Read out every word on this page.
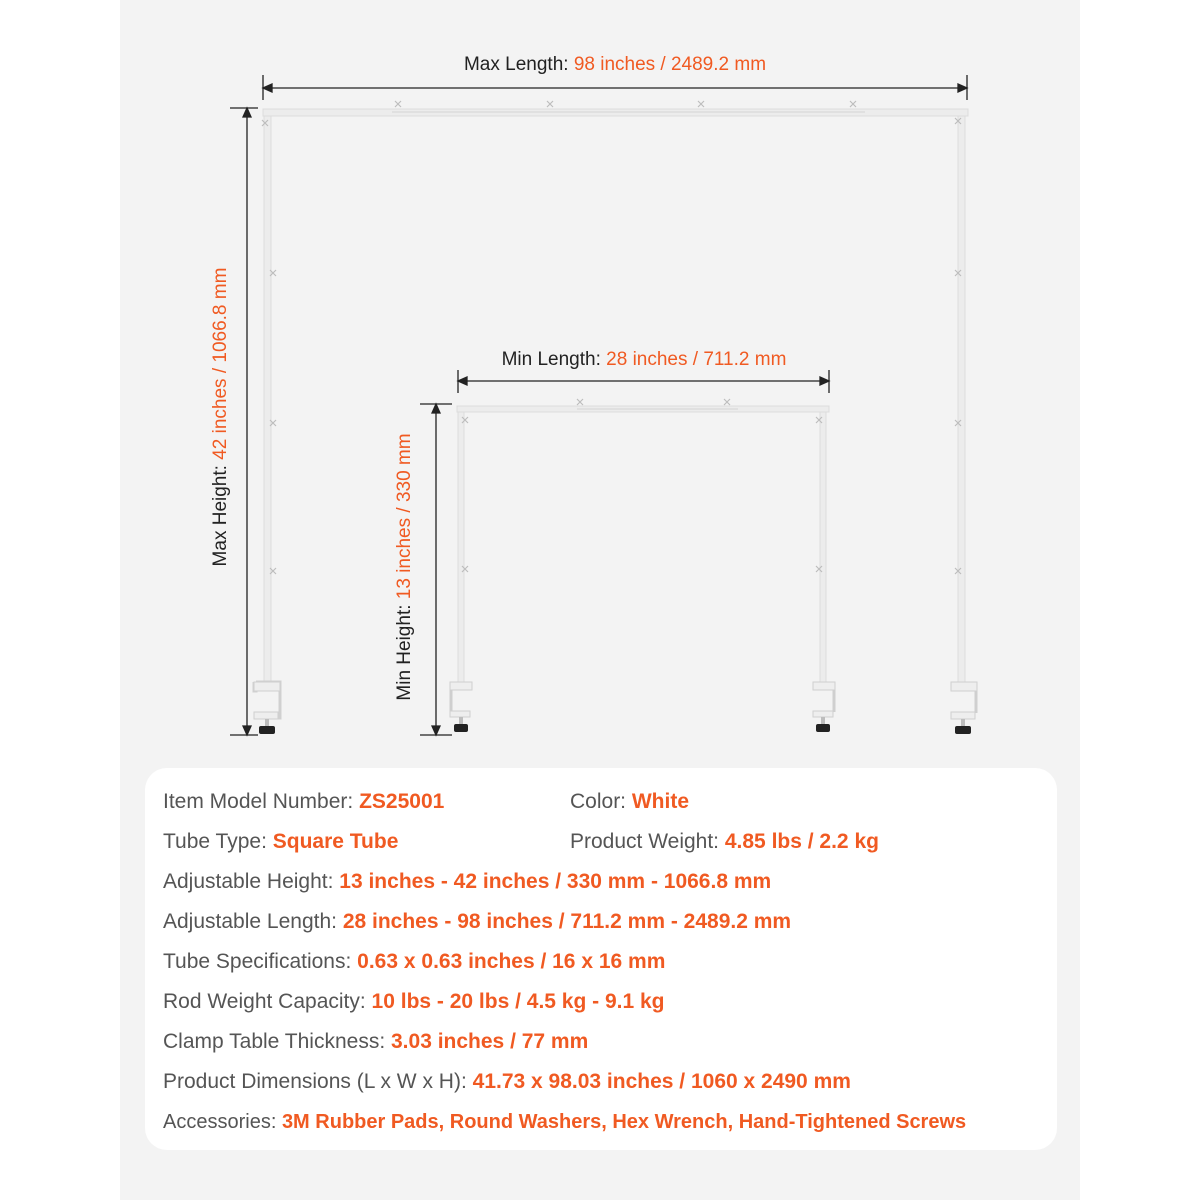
Max Length: 98 inches / 2489.2 mm
Max Height: 42 inches / 1066.8 mm	Min Length: 28 inches / 711.2 mm
Min Height: 13 inches / 330 mm
Item Model Number: ZS25001	Color: White
Tube Type: Square Tube	Product Weight: 4.85 lbs / 2.2 kg
Adjustable Height: 13 inches - 42 inches / 330 mm - 1066.8 mm
Adjustable Length: 28 inches - 98 inches / 711.2 mm - 2489.2 mm
Tube Specifications: 0.63 x 0.63 inches / 16 x 16 mm
Rod Weight Capacity: 10 lbs - 20 lbs / 4.5 kg - 9.1 kg
Clamp Table Thickness: 3.03 inches / 77 mm
Product Dimensions (L x W x H): 41.73 x 98.03 inches / 1060 x 2490 mm
Accessories: 3M Rubber Pads, Round Washers, Hex Wrench, Hand-Tightened Screws
